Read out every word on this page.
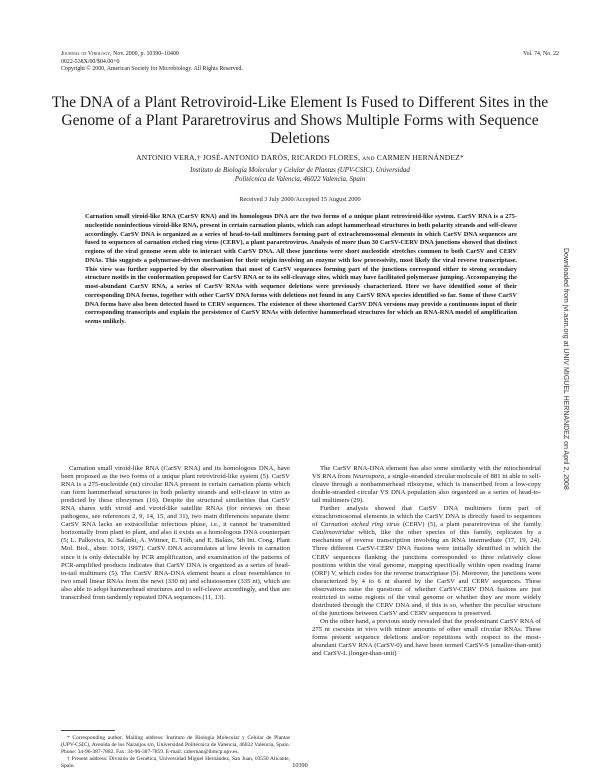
Journal of Virology, Nov. 2000, p. 10390–10400
0022-538X/00/$04.00+0
Copyright © 2000, American Society for Microbiology. All Rights Reserved.
Vol. 74, No. 22
The DNA of a Plant Retroviroid-Like Element Is Fused to Different Sites in the Genome of a Plant Pararetrovirus and Shows Multiple Forms with Sequence Deletions
ANTONIO VERA,† JOSÉ-ANTONIO DARÒS, RICARDO FLORES, AND CARMEN HERNÁNDEZ*
Instituto de Biología Molecular y Celular de Plantas (UPV-CSIC), Universidad
Politécnica de Valencia, 46022 Valencia, Spain
Received 3 July 2000/Accepted 15 August 2000

Carnation small viroid-like RNA (CarSV RNA) and its homologous DNA are the two forms of a unique plant retroviroid-like system. CarSV RNA is a 275-nucleotide noninfectious viroid-like RNA, present in certain carnation plants, which can adopt hammerhead structures in both polarity strands and self-cleave accordingly. CarSV DNA is organized as a series of head-to-tail multimers forming part of extrachromosomal elements in which CarSV DNA sequences are fused to sequences of carnation etched ring virus (CERV), a plant pararetrovirus. Analysis of more than 30 CarSV-CERV DNA junctions showed that distinct regions of the viral genome seem able to interact with CarSV DNA. All these junctions were short nucleotide stretches common to both CarSV and CERV DNAs. This suggests a polymerase-driven mechanism for their origin involving an enzyme with low processivity, most likely the viral reverse transcriptase. This view was further supported by the observation that most of CarSV sequences forming part of the junctions correspond either to strong secondary structure motifs in the conformation proposed for CarSV RNA or to its self-cleavage sites, which may have facilitated polymerase jumping. Accompanying the most-abundant CarSV RNA, a series of CarSV RNAs with sequence deletions were previously characterized. Here we have identified some of their corresponding DNA forms, together with other CarSV DNA forms with deletions not found in any CarSV RNA species identified so far. Some of these CarSV DNA forms have also been detected fused to CERV sequences. The existence of these shortened CarSV DNA versions may provide a continuous input of their corresponding transcripts and explain the persistence of CarSV RNAs with defective hammerhead structures for which an RNA-RNA model of amplification seems unlikely.	Downloaded from jvi.asm.org at UNIV MIGUEL HERNANDEZ on April 2, 2008

Carnation small viroid-like RNA (CarSV RNA) and its homologous DNA, have been proposed as the two forms of a unique plant retroviroid-like system (5). CarSV RNA is a 275-nucleotide (nt) circular RNA present in certain carnation plants which can form hammerhead structures in both polarity strands and self-cleave in vitro as predicted by these ribozymes (16). Despite the structural similarities that CarSV RNA shares with viroid and viroid-like satellite RNAs (for reviews on these pathogens, see references 2, 9, 14, 15, and 31), two main differences separate them: CarSV RNA lacks an extracellular infectious phase, i.e., it cannot be transmitted horizontally from plant to plant, and also it exists as a homologous DNA counterpart (5; L. Palkovics, K. Salánki, A. Wittner, E. Tóth, and E. Balázs, 5th Int. Cong. Plant Mol. Biol., abstr. 1019, 1997). CarSV DNA accumulates at low levels in carnation since it is only detectable by PCR amplification, and examination of the patterns of PCR-amplified products indicates that CarSV DNA is organized as a series of head-to-tail multimers (5). The CarSV RNA-DNA element bears a close resemblance to two small linear RNAs from the newt (330 nt) and schistosomes (335 nt), which are also able to adopt hammerhead structures and to self-cleave accordingly, and that are transcribed from tandemly repeated DNA sequences (11, 13).

The CarSV RNA-DNA element has also some similarity with the mitochondrial VS RNA from Neurospora, a single-stranded circular molecule of 881 nt able to self-cleave through a nonhammerhead ribozyme, which is transcribed from a low-copy double-stranded circular VS DNA population also organized as a series of head-to-tail multimers (29).

Further analysis showed that CarSV DNA multimers form part of extrachromosomal elements in which the CarSV DNA is directly fused to sequences of Carnation etched ring virus (CERV) (5), a plant pararetrovirus of the family Caulimoviridae which, like the other species of this family, replicates by a mechanism of reverse transcription involving an RNA intermediate (17, 19, 24). Three different CarSV-CERV DNA fusions were initially identified in which the CERV sequences flanking the junctions corresponded to three relatively close positions within the viral genome, mapping specifically within open reading frame (ORF) V, which codes for the reverse transcriptase (5). Moreover, the junctions were characterized by 4 to 6 nt shared by the CarSV and CERV sequences. These observations raise the questions of whether CarSV-CERV DNA fusions are just restricted to some regions of the viral genome or whether they are more widely distributed through the CERV DNA and, if this is so, whether the peculiar structure of the junctions between CarSV and CERV sequences is preserved.

On the other hand, a previous study revealed that the predominant CarSV RNA of 275 nt coexists in vivo with minor amounts of other small circular RNAs. These forms present sequence deletions and/or repetitions with respect to the most-abundant CarSV RNA (CarSV-0) and have been termed CarSV-S (smaller-than-unit) and CarSV-L (longer-than-unit)

* Corresponding author. Mailing address: Instituto de Biología Molecular y Celular de Plantas (UPV-CSIC), Avenida de los Naranjos s/n, Universidad Politécnica de Valencia, 46022 Valencia, Spain. Phone: 34-96-387-7882. Fax: 34-96-387-7859. E-mail: cahernan@ibmcp.upv.es.

† Present address: División de Genética, Universidad Miguel Hernández, San Juan, 03550 Alicante, Spain.	10390
